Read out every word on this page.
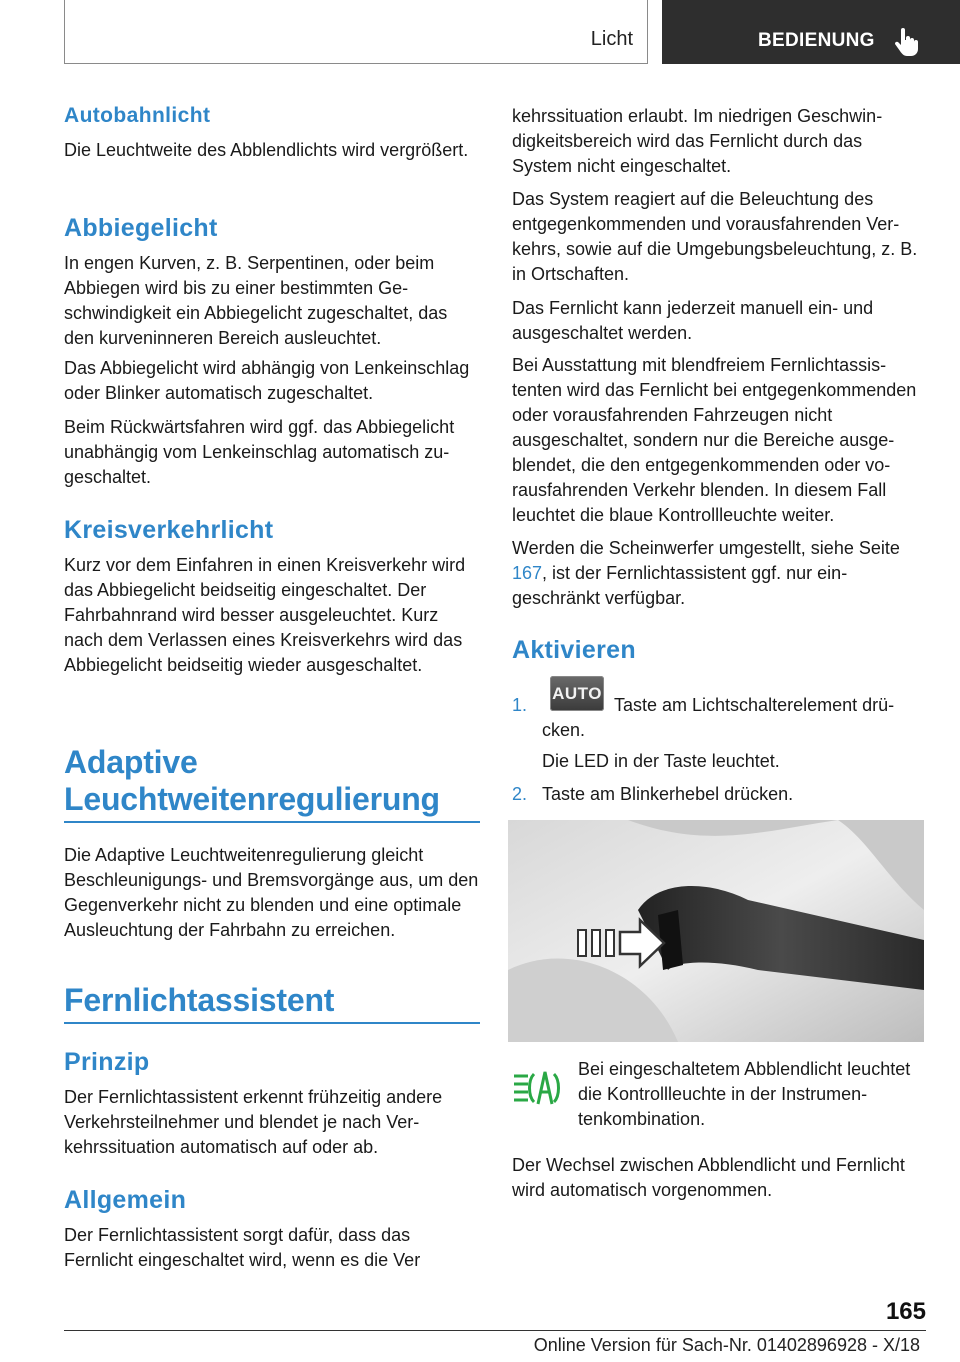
Licht	BEDIENUNG
Autobahnlicht

Die Leuchtweite des Abblendlichts wird vergrößert.

Abbiegelicht

In engen Kurven, z. B. Serpentinen, oder beim Abbiegen wird bis zu einer bestimmten Geschwindigkeit ein Abbiegelicht zugeschaltet, das den kurveninneren Bereich ausleuchtet.

Das Abbiegelicht wird abhängig von Lenkeinschlag oder Blinker automatisch zugeschaltet.

Beim Rückwärtsfahren wird ggf. das Abbiegelicht unabhängig vom Lenkeinschlag automatisch zugeschaltet.

Kreisverkehrlicht

Kurz vor dem Einfahren in einen Kreisverkehr wird das Abbiegelicht beidseitig eingeschaltet. Der Fahrbahnrand wird besser ausgeleuchtet. Kurz nach dem Verlassen eines Kreisverkehrs wird das Abbiegelicht beidseitig wieder ausgeschaltet.

Adaptive
Leuchtweitenregulierung

Die Adaptive Leuchtweitenregulierung gleicht Beschleunigungs- und Bremsvorgänge aus, um den Gegenverkehr nicht zu blenden und eine optimale Ausleuchtung der Fahrbahn zu erreichen.

Fernlichtassistent
Prinzip

Der Fernlichtassistent erkennt frühzeitig andere Verkehrsteilnehmer und blendet je nach Verkehrssituation automatisch auf oder ab.

Allgemein

Der Fernlichtassistent sorgt dafür, dass das Fernlicht eingeschaltet wird, wenn es die Ver

kehrssituation erlaubt. Im niedrigen Geschwindigkeitsbereich wird das Fernlicht durch das System nicht eingeschaltet.

Das System reagiert auf die Beleuchtung des entgegenkommenden und vorausfahrenden Verkehrs, sowie auf die Umgebungsbeleuchtung, z. B. in Ortschaften.

Das Fernlicht kann jederzeit manuell ein- und ausgeschaltet werden.

Bei Ausstattung mit blendfreiem Fernlichtassistenten wird das Fernlicht bei entgegenkommenden oder vorausfahrenden Fahrzeugen nicht ausgeschaltet, sondern nur die Bereiche ausgeblendet, die den entgegenkommenden oder vorausfahrenden Verkehr blenden. In diesem Fall leuchtet die blaue Kontrollleuchte weiter.

Werden die Scheinwerfer umgestellt, siehe Seite 167, ist der Fernlichtassistent ggf. nur eingeschränkt verfügbar.

Aktivieren
1.
AUTO

Taste am Lichtschalterelement drücken.

Die LED in der Taste leuchtet.

2. Taste am Blinkerhebel drücken.

Bei eingeschaltetem Abblendlicht leuchtet die Kontrollleuchte in der Instrumentenkombination.

Der Wechsel zwischen Abblendlicht und Fernlicht wird automatisch vorgenommen.

165
Online Version für Sach-Nr. 01402896928 - X/18
